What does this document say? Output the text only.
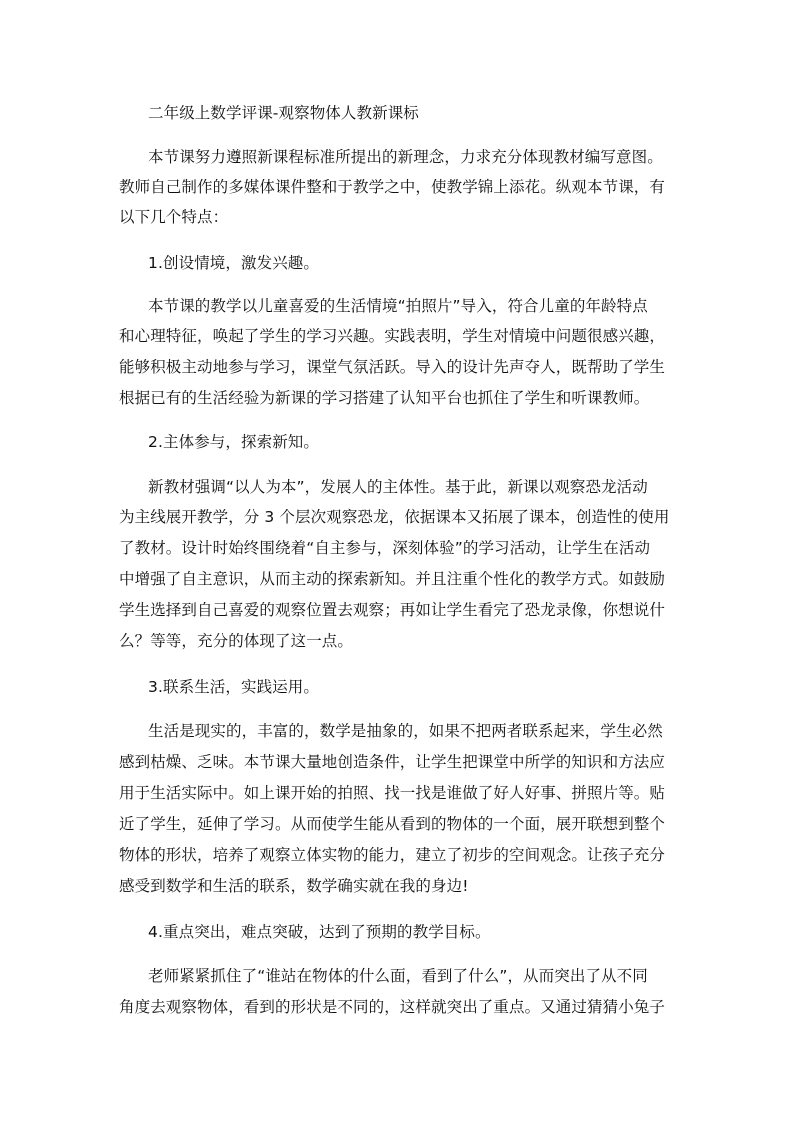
二年级上数学评课-观察物体人教新课标
本节课努力遵照新课程标准所提出的新理念，力求充分体现教材编写意图。
教师自己制作的多媒体课件整和于教学之中，使教学锦上添花。纵观本节课，有
以下几个特点：
1.创设情境，激发兴趣。
本节课的教学以儿童喜爱的生活情境“拍照片”导入，符合儿童的年龄特点
和心理特征，唤起了学生的学习兴趣。实践表明，学生对情境中问题很感兴趣，
能够积极主动地参与学习，课堂气氛活跃。导入的设计先声夺人，既帮助了学生
根据已有的生活经验为新课的学习搭建了认知平台也抓住了学生和听课教师。
2.主体参与，探索新知。
新教材强调“以人为本”，发展人的主体性。基于此，新课以观察恐龙活动
为主线展开教学，分 3 个层次观察恐龙，依据课本又拓展了课本，创造性的使用
了教材。设计时始终围绕着“自主参与，深刻体验”的学习活动，让学生在活动
中增强了自主意识，从而主动的探索新知。并且注重个性化的教学方式。如鼓励
学生选择到自己喜爱的观察位置去观察；再如让学生看完了恐龙录像，你想说什
么？等等，充分的体现了这一点。
3.联系生活，实践运用。
生活是现实的，丰富的，数学是抽象的，如果不把两者联系起来，学生必然
感到枯燥、乏味。本节课大量地创造条件，让学生把课堂中所学的知识和方法应
用于生活实际中。如上课开始的拍照、找一找是谁做了好人好事、拼照片等。贴
近了学生，延伸了学习。从而使学生能从看到的物体的一个面，展开联想到整个
物体的形状，培养了观察立体实物的能力，建立了初步的空间观念。让孩子充分
感受到数学和生活的联系，数学确实就在我的身边!
4.重点突出，难点突破，达到了预期的教学目标。
老师紧紧抓住了“谁站在物体的什么面，看到了什么”，从而突出了从不同
角度去观察物体，看到的形状是不同的，这样就突出了重点。又通过猜猜小兔子
